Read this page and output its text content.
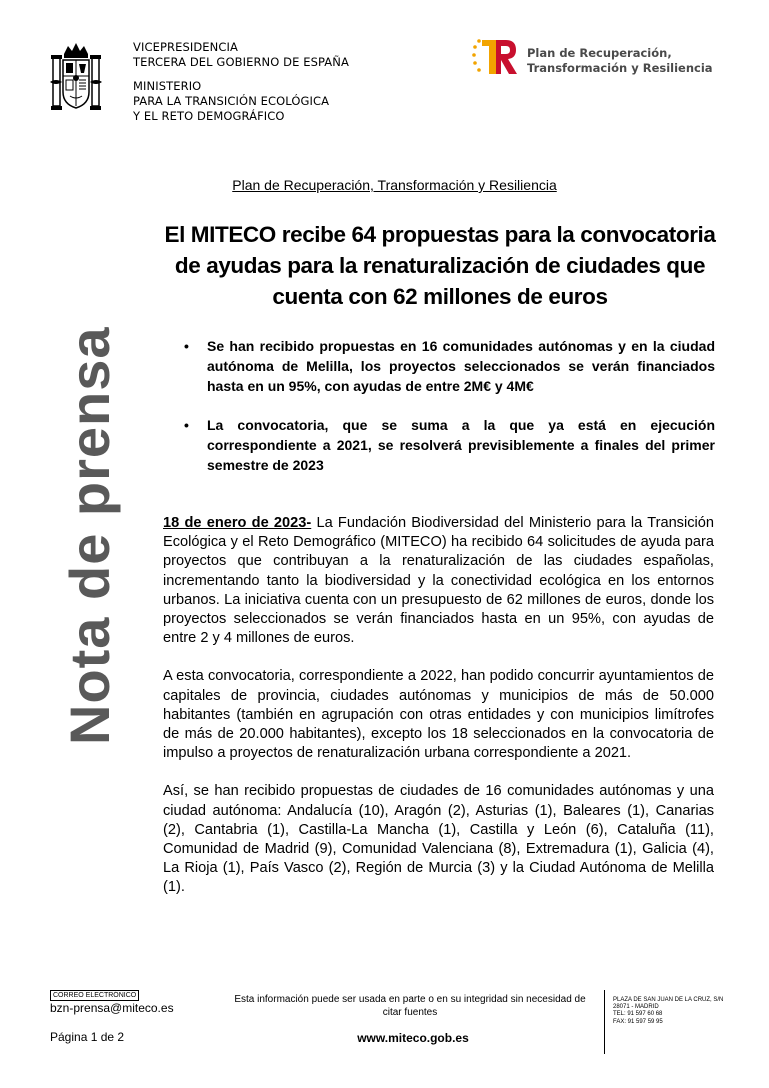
VICEPRESIDENCIA
TERCERA DEL GOBIERNO DE ESPAÑA
MINISTERIO
PARA LA TRANSICIÓN ECOLÓGICA
Y EL RETO DEMOGRÁFICO
Plan de Recuperación,
Transformación y Resiliencia
Plan de Recuperación, Transformación y Resiliencia
El MITECO recibe 64 propuestas para la convocatoria de ayudas para la renaturalización de ciudades que cuenta con 62 millones de euros
• Se han recibido propuestas en 16 comunidades autónomas y en la ciudad autónoma de Melilla, los proyectos seleccionados se verán financiados hasta en un 95%, con ayudas de entre 2M€ y 4M€
• La convocatoria, que se suma a la que ya está en ejecución correspondiente a 2021, se resolverá previsiblemente a finales del primer semestre de 2023
Nota de prensa	18 de enero de 2023- La Fundación Biodiversidad del Ministerio para la Transición Ecológica y el Reto Demográfico (MITECO) ha recibido 64 solicitudes de ayuda para proyectos que contribuyan a la renaturalización de las ciudades españolas, incrementando tanto la biodiversidad y la conectividad ecológica en los entornos urbanos. La iniciativa cuenta con un presupuesto de 62 millones de euros, donde los proyectos seleccionados se verán financiados hasta en un 95%, con ayudas de entre 2 y 4 millones de euros.

A esta convocatoria, correspondiente a 2022, han podido concurrir ayuntamientos de capitales de provincia, ciudades autónomas y municipios de más de 50.000 habitantes (también en agrupación con otras entidades y con municipios limítrofes de más de 20.000 habitantes), excepto los 18 seleccionados en la convocatoria de impulso a proyectos de renaturalización urbana correspondiente a 2021.

Así, se han recibido propuestas de ciudades de 16 comunidades autónomas y una ciudad autónoma: Andalucía (10), Aragón (2), Asturias (1), Baleares (1), Canarias (2), Cantabria (1), Castilla-La Mancha (1), Castilla y León (6), Cataluña (11), Comunidad de Madrid (9), Comunidad Valenciana (8), Extremadura (1), Galicia (4), La Rioja (1), País Vasco (2), Región de Murcia (3) y la Ciudad Autónoma de Melilla (1).

CORREO ELECTRÓNICO
bzn-prensa@miteco.es
Esta información puede ser usada en parte o en su integridad sin necesidad de citar fuentes
PLAZA DE SAN JUAN DE LA CRUZ, S/N
28071 - MADRID
TEL: 91 597 60 68
FAX: 91 597 59 95
Página 1 de 2	www.miteco.gob.es
